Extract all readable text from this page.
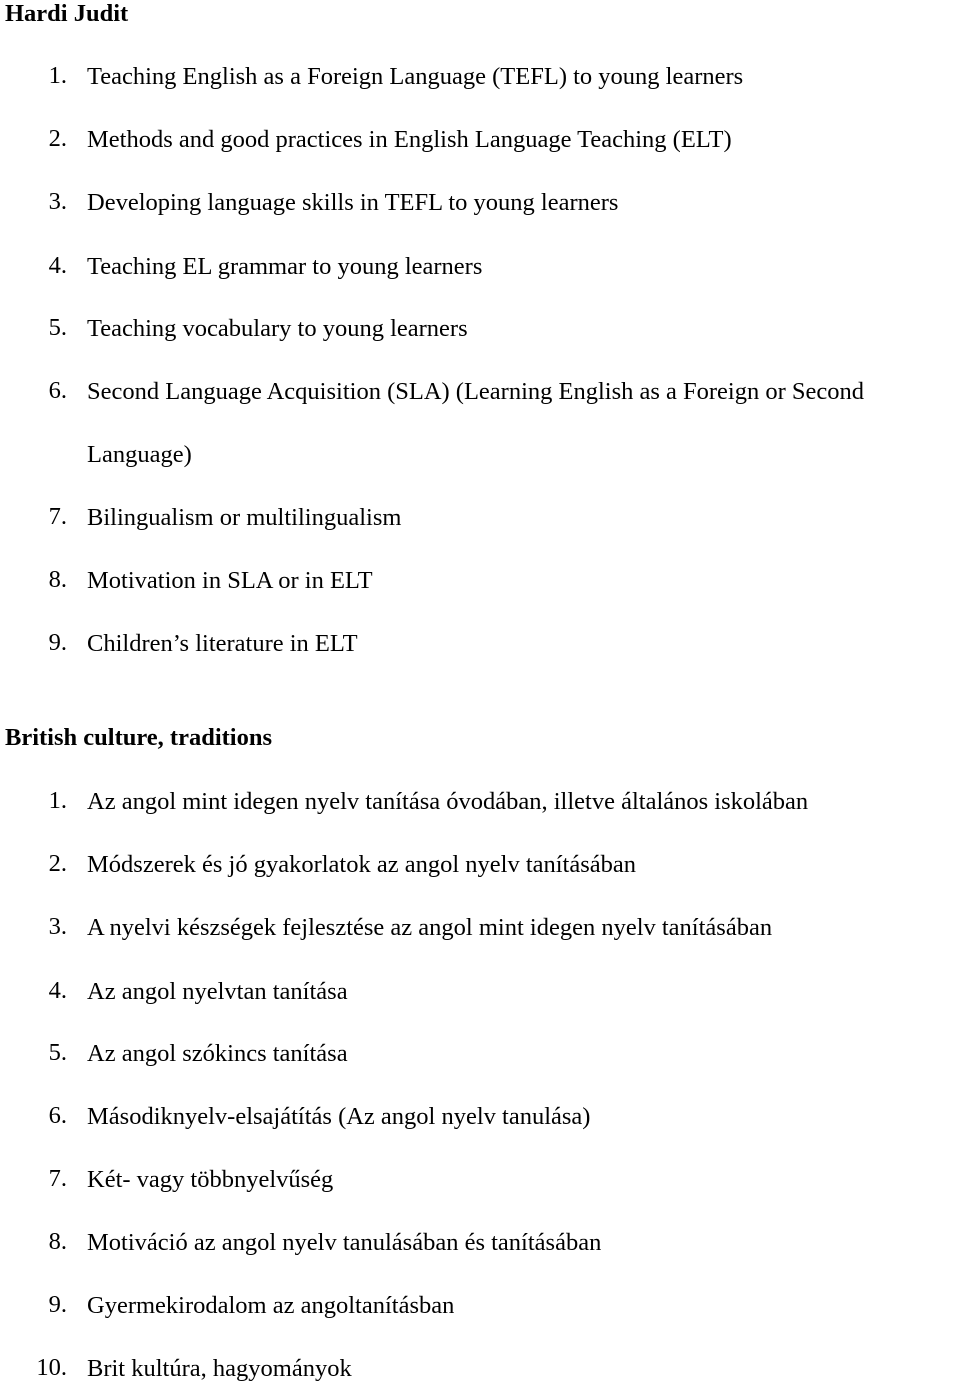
Hardi Judit
1. Teaching English as a Foreign Language (TEFL) to young learners
2. Methods and good practices in English Language Teaching (ELT)
3. Developing language skills in TEFL to young learners
4. Teaching EL grammar to young learners
5. Teaching vocabulary to young learners
6. Second Language Acquisition (SLA) (Learning English as a Foreign or Second Language)
7. Bilingualism or multilingualism
8. Motivation in SLA or in ELT
9. Children’s literature in ELT
British culture, traditions
1. Az angol mint idegen nyelv tanítása óvodában, illetve általános iskolában
2. Módszerek és jó gyakorlatok az angol nyelv tanításában
3. A nyelvi készségek fejlesztése az angol mint idegen nyelv tanításában
4. Az angol nyelvtan tanítása
5. Az angol szókincs tanítása
6. Másodiknyelv-elsajátítás (Az angol nyelv tanulása)
7. Két- vagy többnyelvűség
8. Motiváció az angol nyelv tanulásában és tanításában
9. Gyermekirodalom az angoltanításban
10. Brit kultúra, hagyományok
